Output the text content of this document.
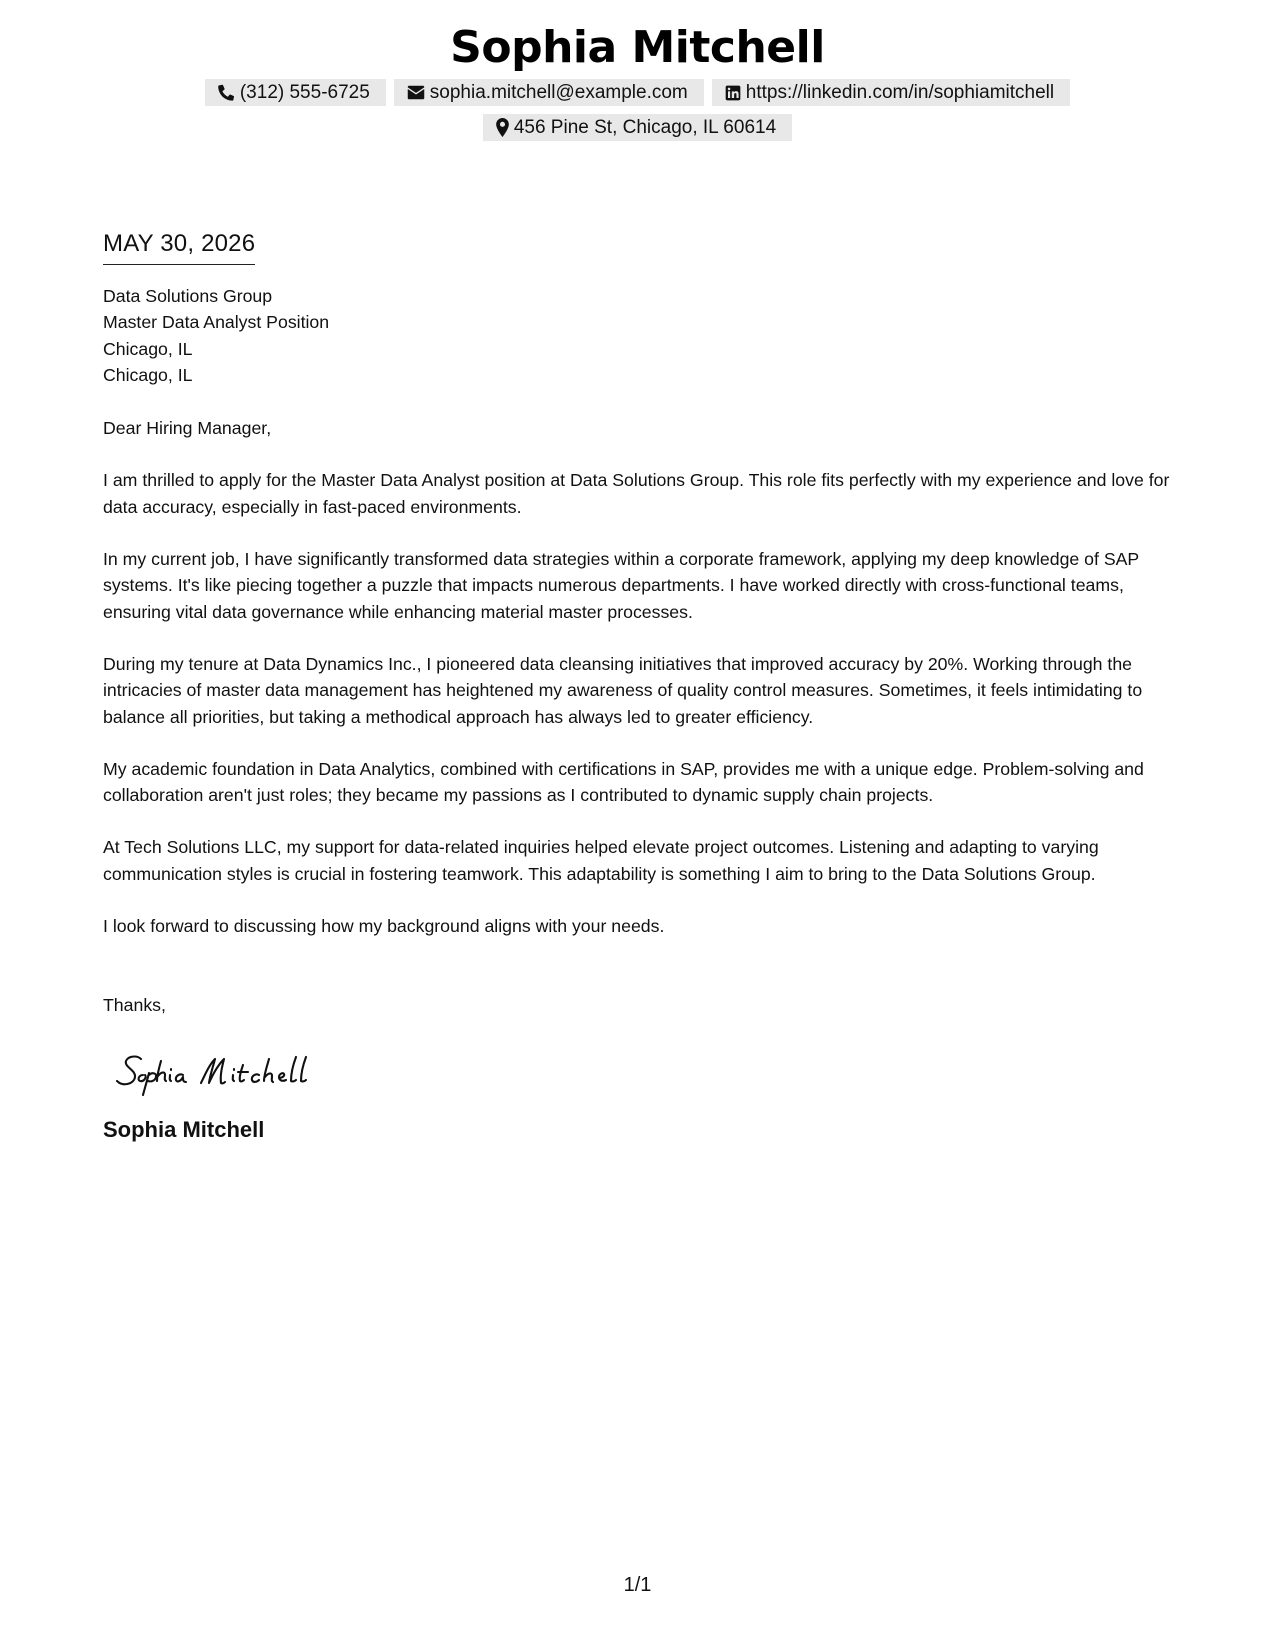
Sophia Mitchell
(312) 555-6725	sophia.mitchell@example.com	https://linkedin.com/in/sophiamitchell
456 Pine St, Chicago, IL 60614
MAY 30, 2026
Data Solutions Group
Master Data Analyst Position
Chicago, IL
Chicago, IL

Dear Hiring Manager,

I am thrilled to apply for the Master Data Analyst position at Data Solutions Group. This role fits perfectly with my experience and love for data accuracy, especially in fast-paced environments.

In my current job, I have significantly transformed data strategies within a corporate framework, applying my deep knowledge of SAP systems. It's like piecing together a puzzle that impacts numerous departments. I have worked directly with cross-functional teams, ensuring vital data governance while enhancing material master processes.

During my tenure at Data Dynamics Inc., I pioneered data cleansing initiatives that improved accuracy by 20%. Working through the intricacies of master data management has heightened my awareness of quality control measures. Sometimes, it feels intimidating to balance all priorities, but taking a methodical approach has always led to greater efficiency.

My academic foundation in Data Analytics, combined with certifications in SAP, provides me with a unique edge. Problem-solving and collaboration aren't just roles; they became my passions as I contributed to dynamic supply chain projects.

At Tech Solutions LLC, my support for data-related inquiries helped elevate project outcomes. Listening and adapting to varying communication styles is crucial in fostering teamwork. This adaptability is something I aim to bring to the Data Solutions Group.

I look forward to discussing how my background aligns with your needs.

Thanks,

Sophia Mitchell
Sophia Mitchell
1/1
